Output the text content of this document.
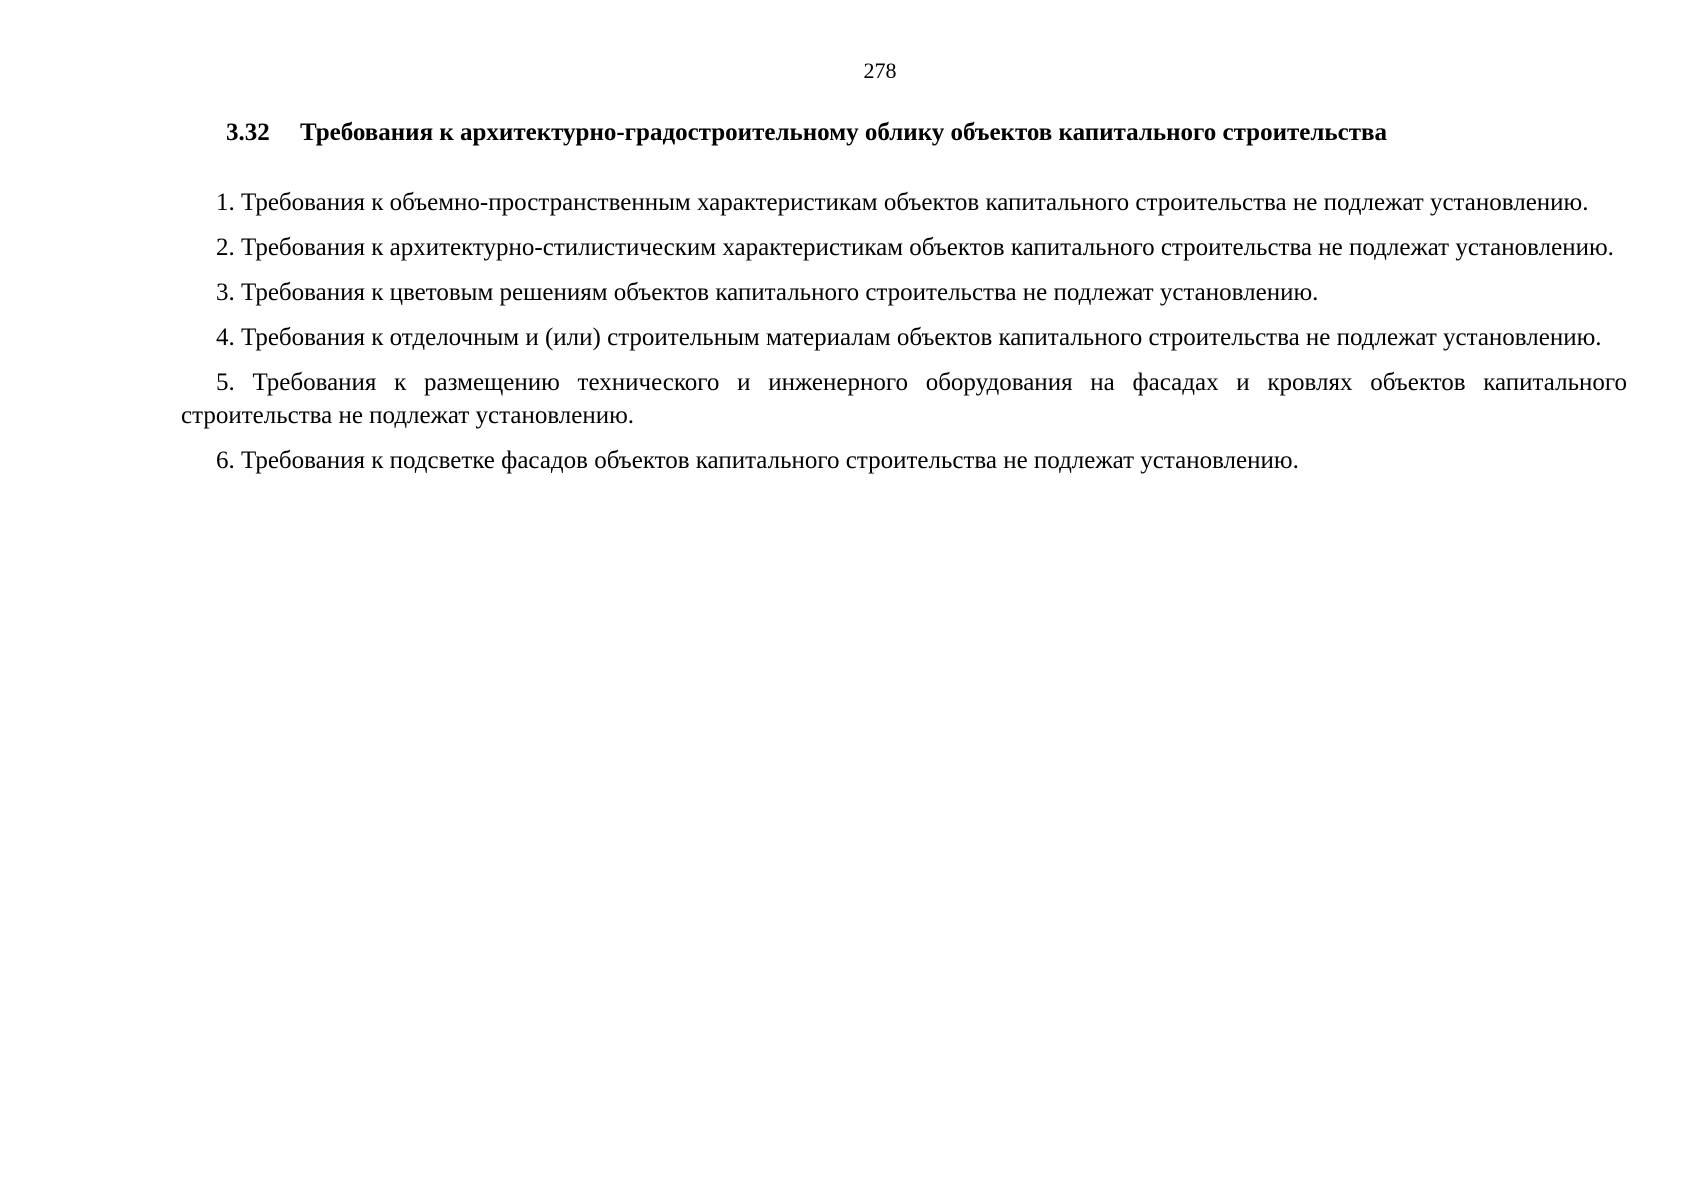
278
3.32 Требования к архитектурно-градостроительному облику объектов капитального строительства

1. Требования к объемно-пространственным характеристикам объектов капитального строительства не подлежат установлению.

2. Требования к архитектурно-стилистическим характеристикам объектов капитального строительства не подлежат установлению.

3. Требования к цветовым решениям объектов капитального строительства не подлежат установлению.

4. Требования к отделочным и (или) строительным материалам объектов капитального строительства не подлежат установлению.

5. Требования к размещению технического и инженерного оборудования на фасадах и кровлях объектов капитального строительства не подлежат установлению.

6. Требования к подсветке фасадов объектов капитального строительства не подлежат установлению.
